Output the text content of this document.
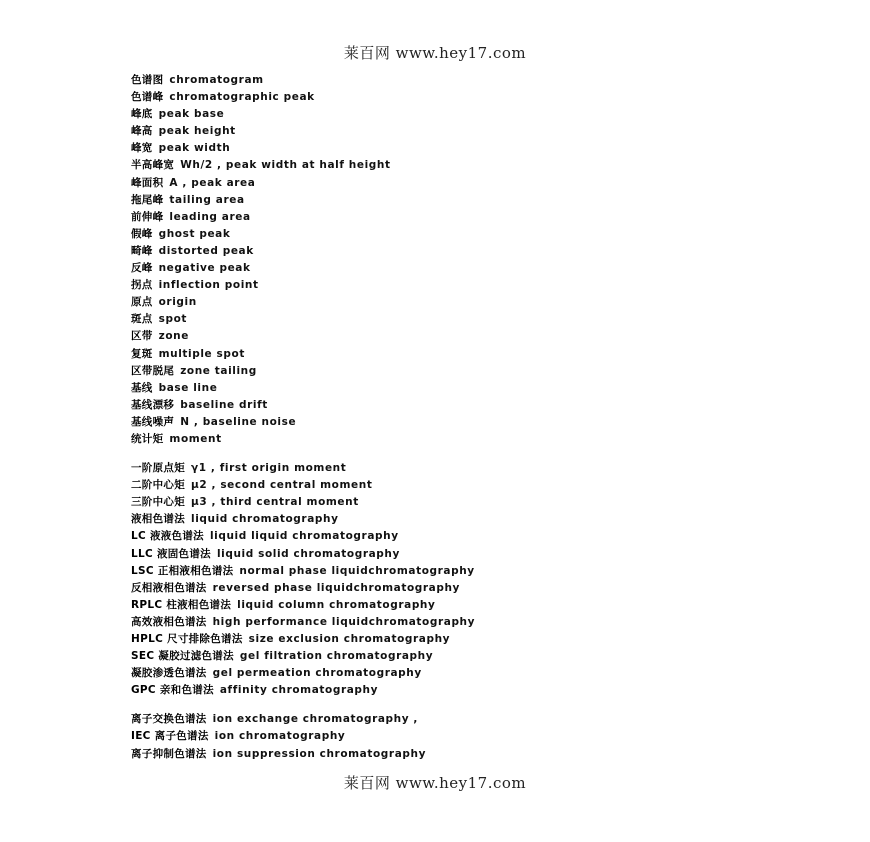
莱百网 www.hey17.com
色谱图 chromatogram
色谱峰 chromatographic peak
峰底 peak base
峰高 peak height
峰宽 peak width
半高峰宽 Wh/2 , peak width at half height
峰面积 A , peak area
拖尾峰 tailing area
前伸峰 leading area
假峰 ghost peak
畸峰 distorted peak
反峰 negative peak
拐点 inflection point
原点 origin
斑点 spot
区带 zone
复斑 multiple spot
区带脱尾 zone tailing
基线 base line
基线漂移 baseline drift
基线噪声 N , baseline noise
统计矩 moment
一阶原点矩 γ1 , first origin moment
二阶中心矩 μ2 , second central moment
三阶中心矩 μ3 , third central moment
液相色谱法 liquid chromatography
LC 液液色谱法 liquid liquid chromatography
LLC 液固色谱法 liquid solid chromatography
LSC 正相液相色谱法 normal phase liquidchromatography
反相液相色谱法 reversed phase liquidchromatography
RPLC 柱液相色谱法 liquid column chromatography
高效液相色谱法 high performance liquidchromatography
HPLC 尺寸排除色谱法 size exclusion chromatography
SEC 凝胶过滤色谱法 gel filtration chromatography
凝胶渗透色谱法 gel permeation chromatography
GPC 亲和色谱法 affinity chromatography
离子交换色谱法 ion exchange chromatography ,
IEC 离子色谱法 ion chromatography
离子抑制色谱法 ion suppression chromatography
莱百网 www.hey17.com
